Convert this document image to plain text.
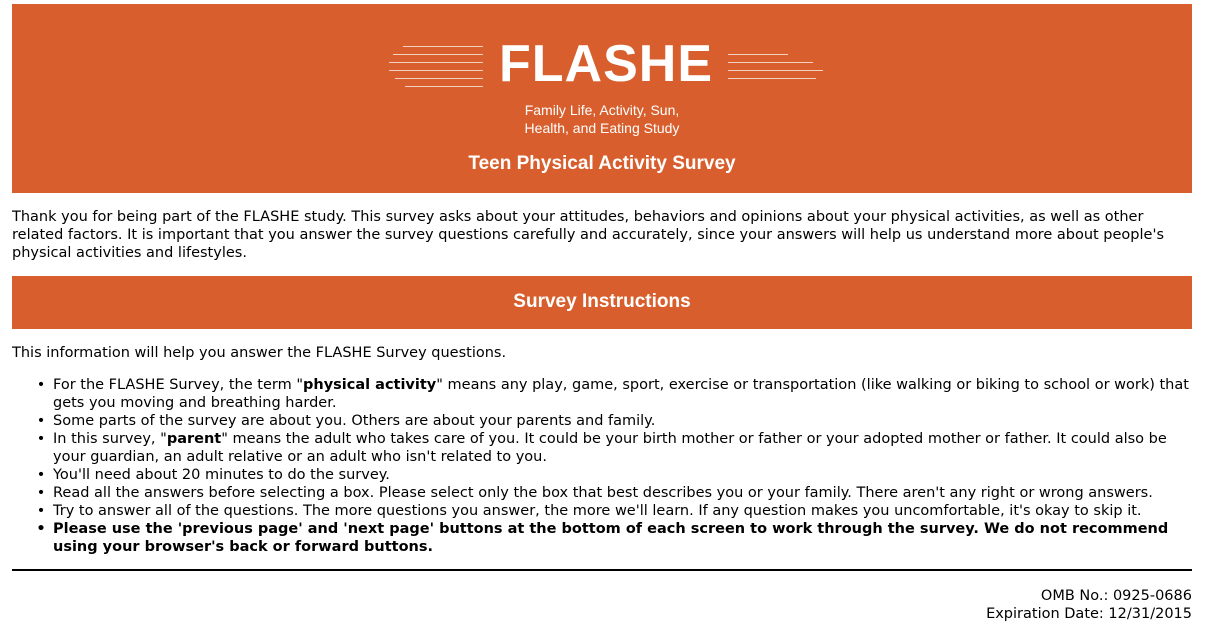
FLASHE
Family Life, Activity, Sun,
Health, and Eating Study
Teen Physical Activity Survey
Thank you for being part of the FLASHE study. This survey asks about your attitudes, behaviors and opinions about your physical activities, as well as other related factors. It is important that you answer the survey questions carefully and accurately, since your answers will help us understand more about people's physical activities and lifestyles.
Survey Instructions
This information will help you answer the FLASHE Survey questions.
• For the FLASHE Survey, the term "physical activity" means any play, game, sport, exercise or transportation (like walking or biking to school or work) that gets you moving and breathing harder.
• Some parts of the survey are about you. Others are about your parents and family.
• In this survey, "parent" means the adult who takes care of you. It could be your birth mother or father or your adopted mother or father. It could also be your guardian, an adult relative or an adult who isn't related to you.
• You'll need about 20 minutes to do the survey.
• Read all the answers before selecting a box. Please select only the box that best describes you or your family. There aren't any right or wrong answers.
• Try to answer all of the questions. The more questions you answer, the more we'll learn. If any question makes you uncomfortable, it's okay to skip it.
• Please use the 'previous page' and 'next page' buttons at the bottom of each screen to work through the survey. We do not recommend using your browser's back or forward buttons.
OMB No.: 0925-0686
Expiration Date: 12/31/2015
